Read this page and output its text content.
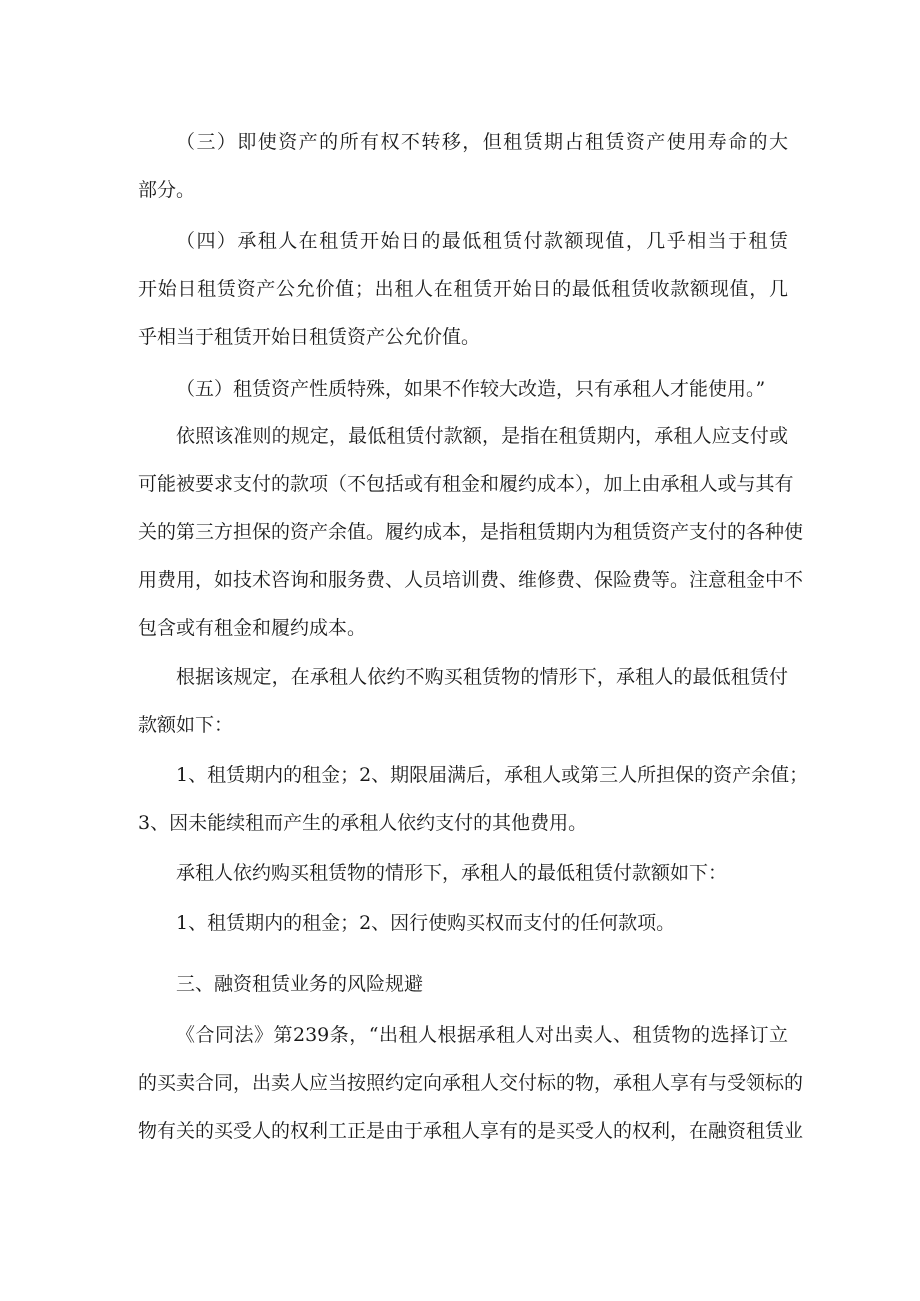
（三）即使资产的所有权不转移，但租赁期占租赁资产使用寿命的大
部分。
（四）承租人在租赁开始日的最低租赁付款额现值，几乎相当于租赁
开始日租赁资产公允价值；出租人在租赁开始日的最低租赁收款额现值，几
乎相当于租赁开始日租赁资产公允价值。
（五）租赁资产性质特殊，如果不作较大改造，只有承租人才能使用。”
依照该准则的规定，最低租赁付款额，是指在租赁期内，承租人应支付或
可能被要求支付的款项（不包括或有租金和履约成本），加上由承租人或与其有
关的第三方担保的资产余值。履约成本，是指租赁期内为租赁资产支付的各种使
用费用，如技术咨询和服务费、人员培训费、维修费、保险费等。注意租金中不
包含或有租金和履约成本。
根据该规定，在承租人依约不购买租赁物的情形下，承租人的最低租赁付
款额如下：
1、租赁期内的租金；2、期限届满后，承租人或第三人所担保的资产余值；
3、因未能续租而产生的承租人依约支付的其他费用。
承租人依约购买租赁物的情形下，承租人的最低租赁付款额如下：
1、租赁期内的租金；2、因行使购买权而支付的任何款项。
三、融资租赁业务的风险规避
《合同法》第239条，“出租人根据承租人对出卖人、租赁物的选择订立
的买卖合同，出卖人应当按照约定向承租人交付标的物，承租人享有与受领标的
物有关的买受人的权利工正是由于承租人享有的是买受人的权利，在融资租赁业
